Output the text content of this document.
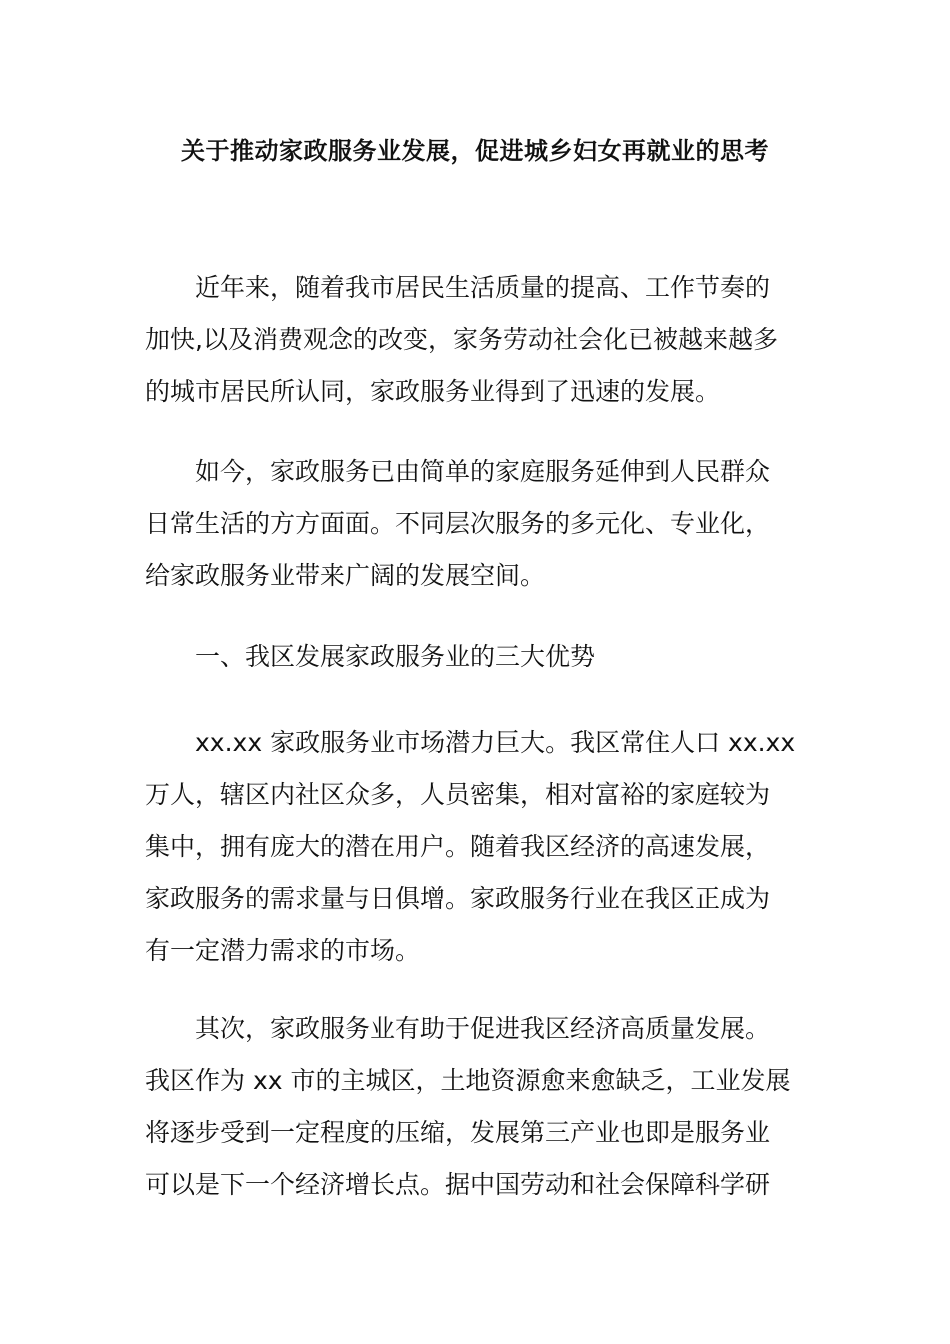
关于推动家政服务业发展，促进城乡妇女再就业的思考

近年来，随着我市居民生活质量的提高、工作节奏的
加快,以及消费观念的改变，家务劳动社会化已被越来越多
的城市居民所认同，家政服务业得到了迅速的发展。

如今，家政服务已由简单的家庭服务延伸到人民群众
日常生活的方方面面。不同层次服务的多元化、专业化，
给家政服务业带来广阔的发展空间。

一、我区发展家政服务业的三大优势

xx.xx 家政服务业市场潜力巨大。我区常住人口 xx.xx
万人，辖区内社区众多，人员密集，相对富裕的家庭较为
集中，拥有庞大的潜在用户。随着我区经济的高速发展，
家政服务的需求量与日俱增。家政服务行业在我区正成为
有一定潜力需求的市场。

其次，家政服务业有助于促进我区经济高质量发展。
我区作为 xx 市的主城区，土地资源愈来愈缺乏，工业发展
将逐步受到一定程度的压缩，发展第三产业也即是服务业
可以是下一个经济增长点。据中国劳动和社会保障科学研
